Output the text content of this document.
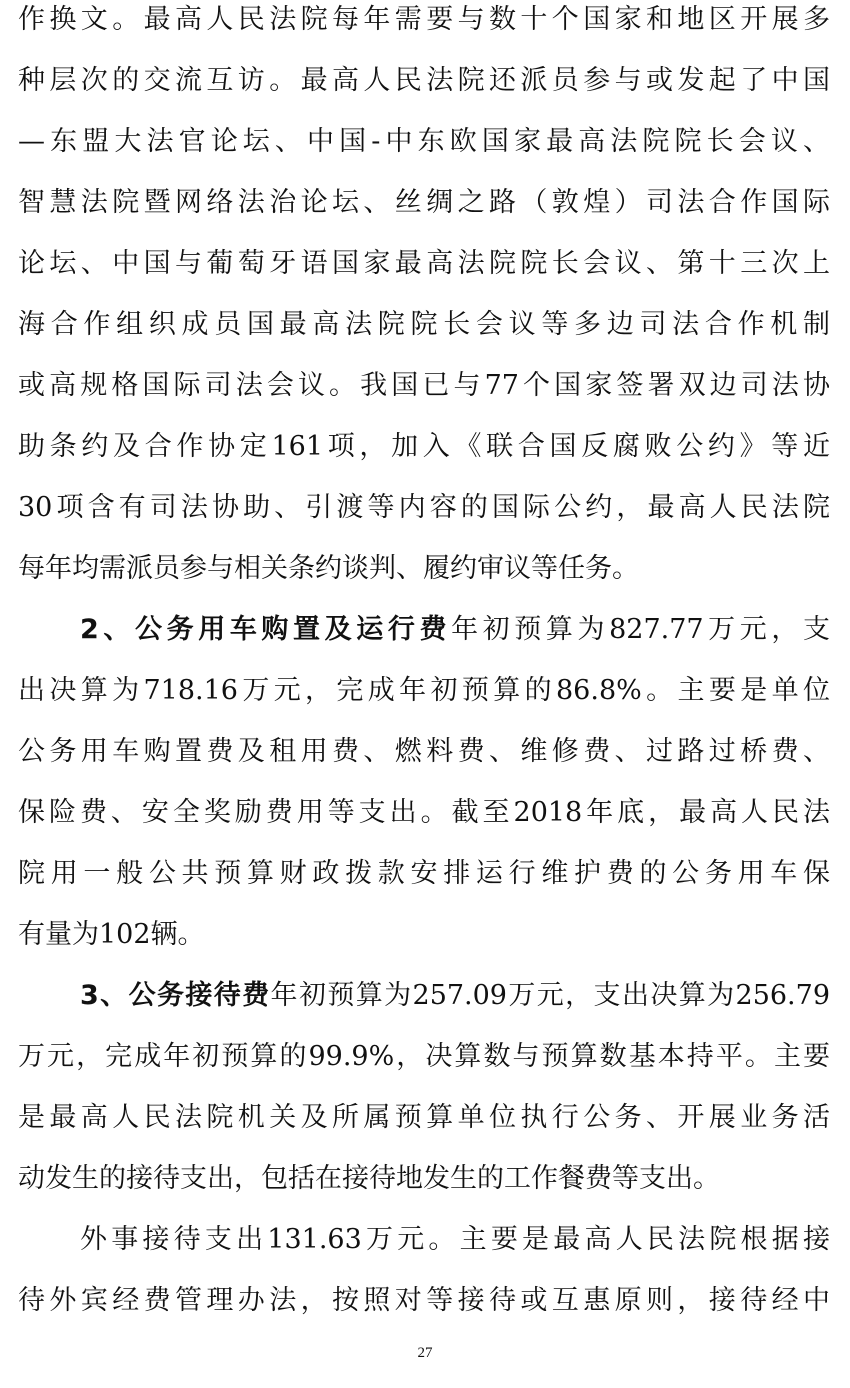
作换文。最高人民法院每年需要与数十个国家和地区开展多
种层次的交流互访。最高人民法院还派员参与或发起了中国
—东盟大法官论坛、中国-中东欧国家最高法院院长会议、
智慧法院暨网络法治论坛、丝绸之路（敦煌）司法合作国际
论坛、中国与葡萄牙语国家最高法院院长会议、第十三次上
海合作组织成员国最高法院院长会议等多边司法合作机制
或高规格国际司法会议。我国已与77个国家签署双边司法协
助条约及合作协定161项，加入《联合国反腐败公约》等近
30项含有司法协助、引渡等内容的国际公约，最高人民法院
每年均需派员参与相关条约谈判、履约审议等任务。
2、公务用车购置及运行费年初预算为827.77万元，支
出决算为718.16万元，完成年初预算的86.8%。主要是单位
公务用车购置费及租用费、燃料费、维修费、过路过桥费、
保险费、安全奖励费用等支出。截至2018年底，最高人民法
院用一般公共预算财政拨款安排运行维护费的公务用车保
有量为102辆。
3、公务接待费年初预算为257.09万元，支出决算为256.79
万元，完成年初预算的99.9%，决算数与预算数基本持平。主要
是最高人民法院机关及所属预算单位执行公务、开展业务活
动发生的接待支出，包括在接待地发生的工作餐费等支出。
外事接待支出131.63万元。主要是最高人民法院根据接
待外宾经费管理办法，按照对等接待或互惠原则，接待经中
27
